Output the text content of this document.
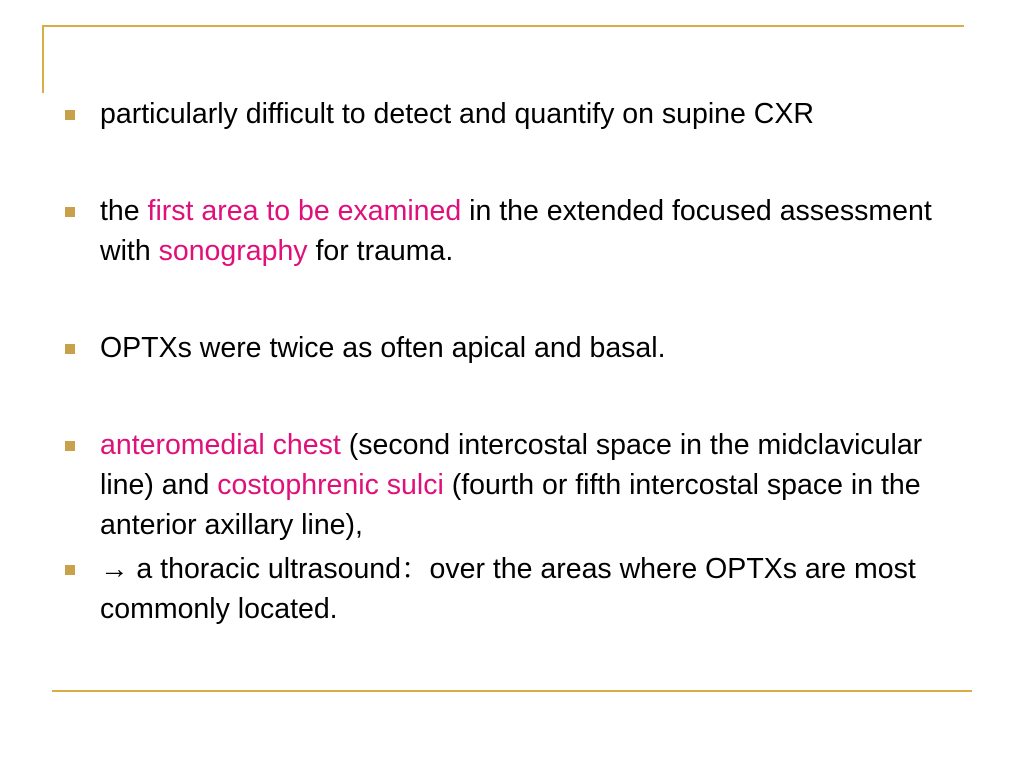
particularly difficult to detect and quantify on supine CXR
the first area to be examined in the extended focused assessment with sonography for trauma.
OPTXs were twice as often apical and basal.
anteromedial chest (second intercostal space in the midclavicular line) and costophrenic sulci (fourth or fifth intercostal space in the anterior axillary line),
→ a thoracic ultrasound：over the areas where OPTXs are most commonly located.
